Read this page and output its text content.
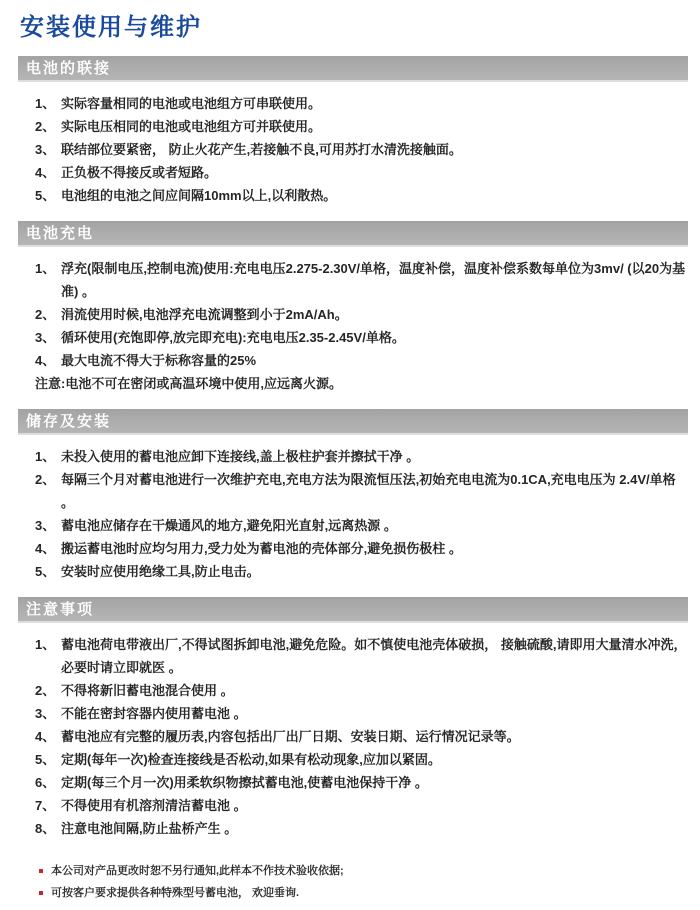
安装使用与维护
电池的联接
1、 实际容量相同的电池或电池组方可串联使用。
2、 实际电压相同的电池或电池组方可并联使用。
3、 联结部位要紧密， 防止火花产生,若接触不良,可用苏打水清洗接触面。
4、 正负极不得接反或者短路。
5、 电池组的电池之间应间隔10mm以上,以利散热。
电池充电
1、 浮充(限制电压,控制电流)使用:充电电压2.275-2.30V/单格，温度补偿，温度补偿系数每单位为3mv/ (以20为基准) 。
2、 涓流使用时候,电池浮充电流调整到小于2mA/Ah。
3、 循环使用(充饱即停,放完即充电):充电电压2.35-2.45V/单格。
4、 最大电流不得大于标称容量的25%
注意:电池不可在密闭或高温环境中使用,应远离火源。
储存及安装
1、 未投入使用的蓄电池应卸下连接线,盖上极柱护套并擦拭干净 。
2、 每隔三个月对蓄电池进行一次维护充电,充电方法为限流恒压法,初始充电电流为0.1CA,充电电压为 2.4V/单格 。
3、 蓄电池应储存在干燥通风的地方,避免阳光直射,远离热源 。
4、 搬运蓄电池时应均匀用力,受力处为蓄电池的壳体部分,避免损伤极柱 。
5、 安装时应使用绝缘工具,防止电击。
注意事项
1、 蓄电池荷电带液出厂,不得试图拆卸电池,避免危险。如不慎使电池壳体破损， 接触硫酸,请即用大量清水冲洗， 必要时请立即就医 。
2、 不得将新旧蓄电池混合使用 。
3、 不能在密封容器内使用蓄电池 。
4、 蓄电池应有完整的履历表,内容包括出厂出厂日期、安装日期、运行情况记录等。
5、 定期(每年一次)检查连接线是否松动,如果有松动现象,应加以紧固。
6、 定期(每三个月一次)用柔软织物擦拭蓄电池,使蓄电池保持干净 。
7、 不得使用有机溶剂清洁蓄电池 。
8、 注意电池间隔,防止盐桥产生 。
本公司对产品更改时恕不另行通知,此样本不作技术验收依据;
可按客户要求提供各种特殊型号蓄电池， 欢迎垂询.
